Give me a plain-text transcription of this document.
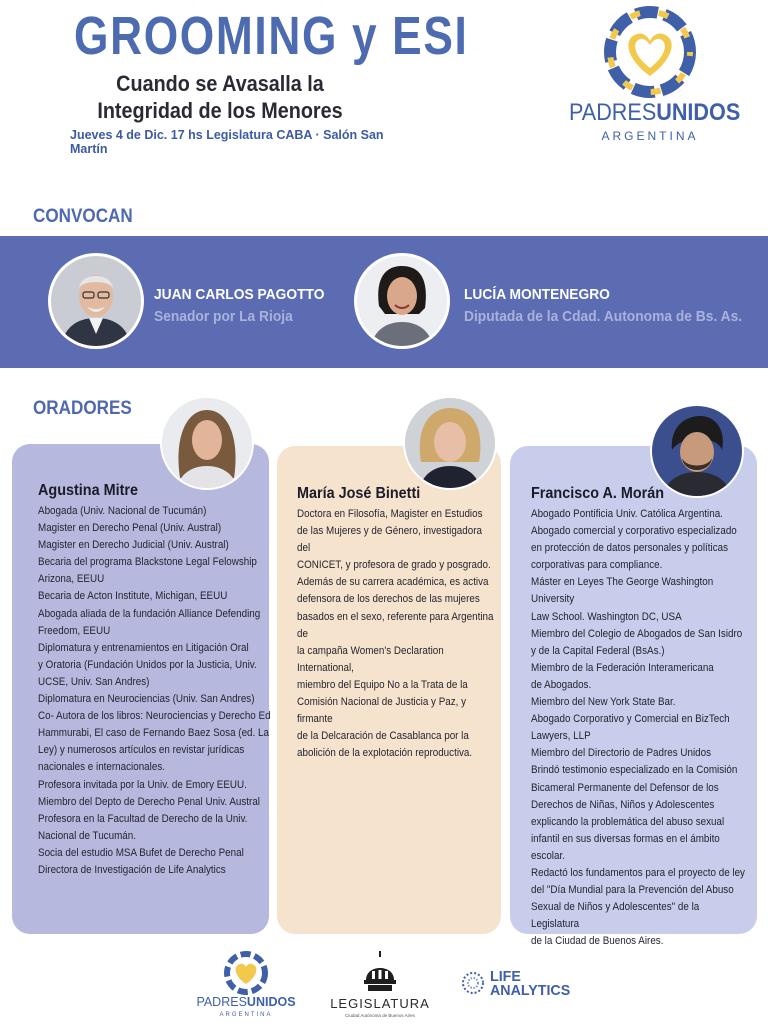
GROOMING y ESI
Cuando se Avasalla la
Integridad de los Menores
Jueves 4 de Dic. 17 hs Legislatura CABA · Salón San Martín
PADRESUNIDOS
ARGENTINA
CONVOCAN
JUAN CARLOS PAGOTTO
Senador por La Rioja
LUCÍA MONTENEGRO
Diputada de la Cdad. Autonoma de Bs. As.
ORADORES
Agustina Mitre
Abogada (Univ. Nacional de Tucumán)
Magister en Derecho Penal (Univ. Austral)
Magister en Derecho Judicial (Univ. Austral)
Becaria del programa Blackstone Legal Felowship
Arizona, EEUU
Becaria de Acton Institute, Michigan, EEUU
Abogada aliada de la fundación Alliance Defending
Freedom, EEUU
Diplomatura y entrenamientos en Litigación Oral
y Oratoria (Fundación Unidos por la Justicia, Univ.
UCSE, Univ. San Andres)
Diplomatura en Neurociencias (Univ. San Andres)
Co- Autora de los libros: Neurociencias y Derecho Ed
Hammurabi, El caso de Fernando Baez Sosa (ed. La
Ley) y numerosos artículos en revistar jurídicas
nacionales e internacionales.
Profesora invitada por la Univ. de Emory EEUU.
Miembro del Depto de Derecho Penal Univ. Austral
Profesora en la Facultad de Derecho de la Univ.
Nacional de Tucumán.
Socia del estudio MSA Bufet de Derecho Penal
Directora de Investigación de Life Analytics
María José Binetti
Doctora en Filosofía, Magister en Estudios
de las Mujeres y de Género, investigadora del
CONICET, y profesora de grado y posgrado.
Además de su carrera académica, es activa
defensora de los derechos de las mujeres
basados en el sexo, referente para Argentina de
la campaña Women's Declaration International,
miembro del Equipo No a la Trata de la
Comisión Nacional de Justicia y Paz, y firmante
de la Delcaración de Casablanca por la
abolición de la explotación reproductiva.
Francisco A. Morán
Abogado Pontificia Univ. Católica Argentina.
Abogado comercial y corporativo especializado
en protección de datos personales y políticas
corporativas para compliance.
Máster en Leyes The George Washington University
Law School. Washington DC, USA
Miembro del Colegio de Abogados de San Isidro
y de la Capital Federal (BsAs.)
Miembro de la Federación Interamericana
de Abogados.
Miembro del New York State Bar.
Abogado Corporativo y Comercial en BizTech
Lawyers, LLP
Miembro del Directorio de Padres Unidos
Brindó testimonio especializado en la Comisión
Bicameral Permanente del Defensor de los
Derechos de Niñas, Niños y Adolescentes
explicando la problemática del abuso sexual
infantil en sus diversas formas en el ámbito escolar.
Redactó los fundamentos para el proyecto de ley
del "Día Mundial para la Prevención del Abuso
Sexual de Niños y Adolescentes" de la Legislatura
de la Ciudad de Buenos Aires.
PADRESUNIDOS
ARGENTINA
LEGISLATURA
Ciudad Autónoma de Buenos Aires
LIFE
ANALYTICS
